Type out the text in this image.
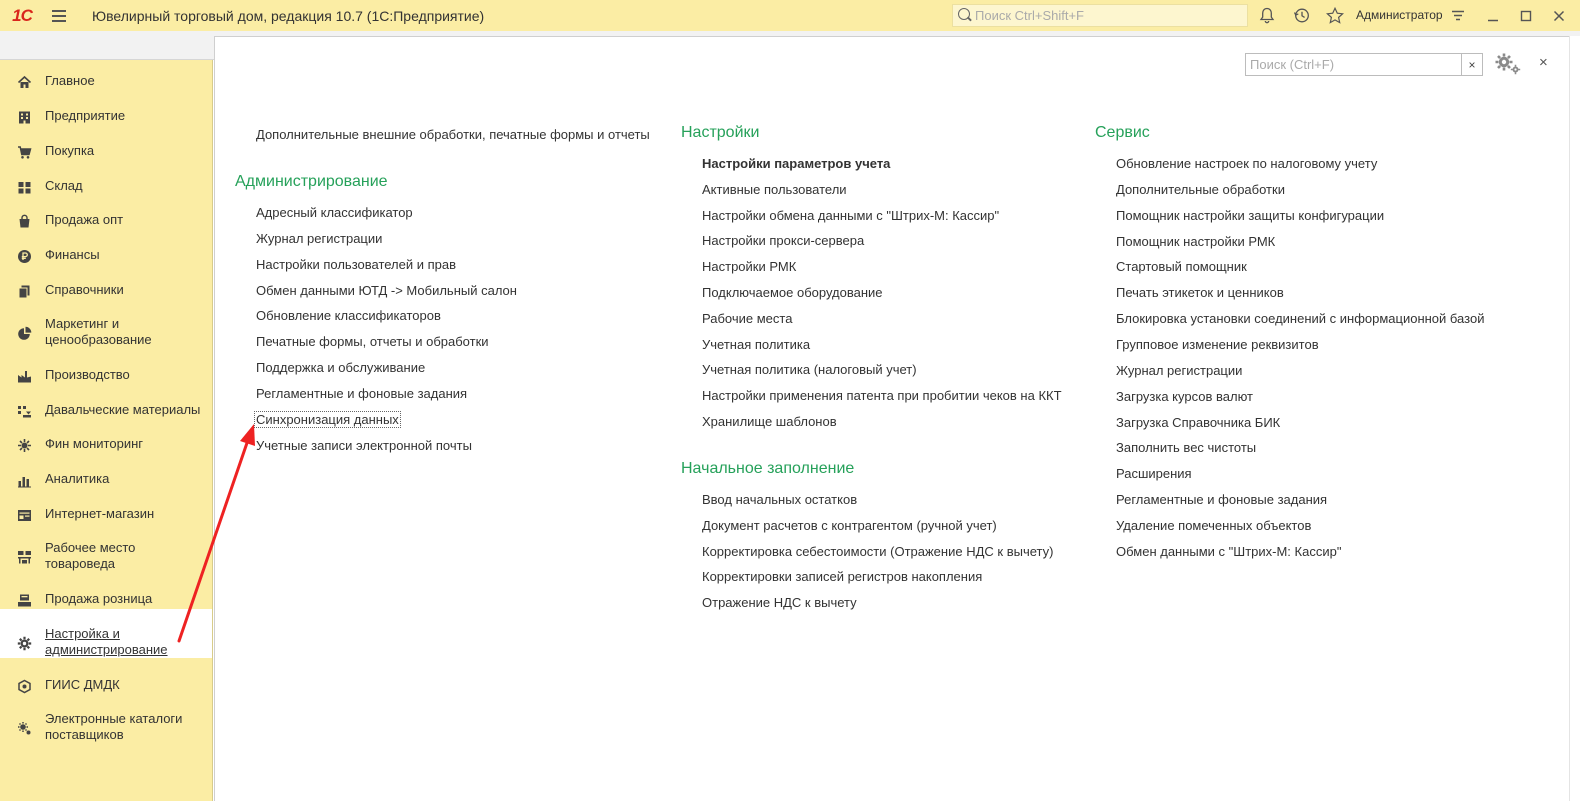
1С	Ювелирный торговый дом, редакция 10.7 (1С:Предприятие)
Поиск Ctrl+Shift+F	Администратор
Главное
Предприятие
Покупка
Склад
Продажа опт
Финансы
Справочники
Маркетинг и
ценообразование
Производство
Давальческие материалы
Фин мониторинг
Аналитика
Интернет-магазин
Рабочее место
товароведа
Продажа розница
Настройка и
администрирование
ГИИС ДМДК
Электронные каталоги
поставщиков
Поиск (Ctrl+F)
×	×
Дополнительные внешние обработки, печатные формы и отчеты
Администрирование
Адресный классификатор
Журнал регистрации
Настройки пользователей и прав
Обмен данными ЮТД -> Мобильный салон
Обновление классификаторов
Печатные формы, отчеты и обработки
Поддержка и обслуживание
Регламентные и фоновые задания
Синхронизация данных
Учетные записи электронной почты
Настройки
Настройки параметров учета
Активные пользователи
Настройки обмена данными с "Штрих-М: Кассир"
Настройки прокси-сервера
Настройки РМК
Подключаемое оборудование
Рабочие места
Учетная политика
Учетная политика (налоговый учет)
Настройки применения патента при пробитии чеков на ККТ
Хранилище шаблонов
Начальное заполнение
Ввод начальных остатков
Документ расчетов с контрагентом (ручной учет)
Корректировка себестоимости (Отражение НДС к вычету)
Корректировки записей регистров накопления
Отражение НДС к вычету
Сервис
Обновление настроек по налоговому учету
Дополнительные обработки
Помощник настройки защиты конфигурации
Помощник настройки РМК
Стартовый помощник
Печать этикеток и ценников
Блокировка установки соединений с информационной базой
Групповое изменение реквизитов
Журнал регистрации
Загрузка курсов валют
Загрузка Справочника БИК
Заполнить вес чистоты
Расширения
Регламентные и фоновые задания
Удаление помеченных объектов
Обмен данными с "Штрих-М: Кассир"
